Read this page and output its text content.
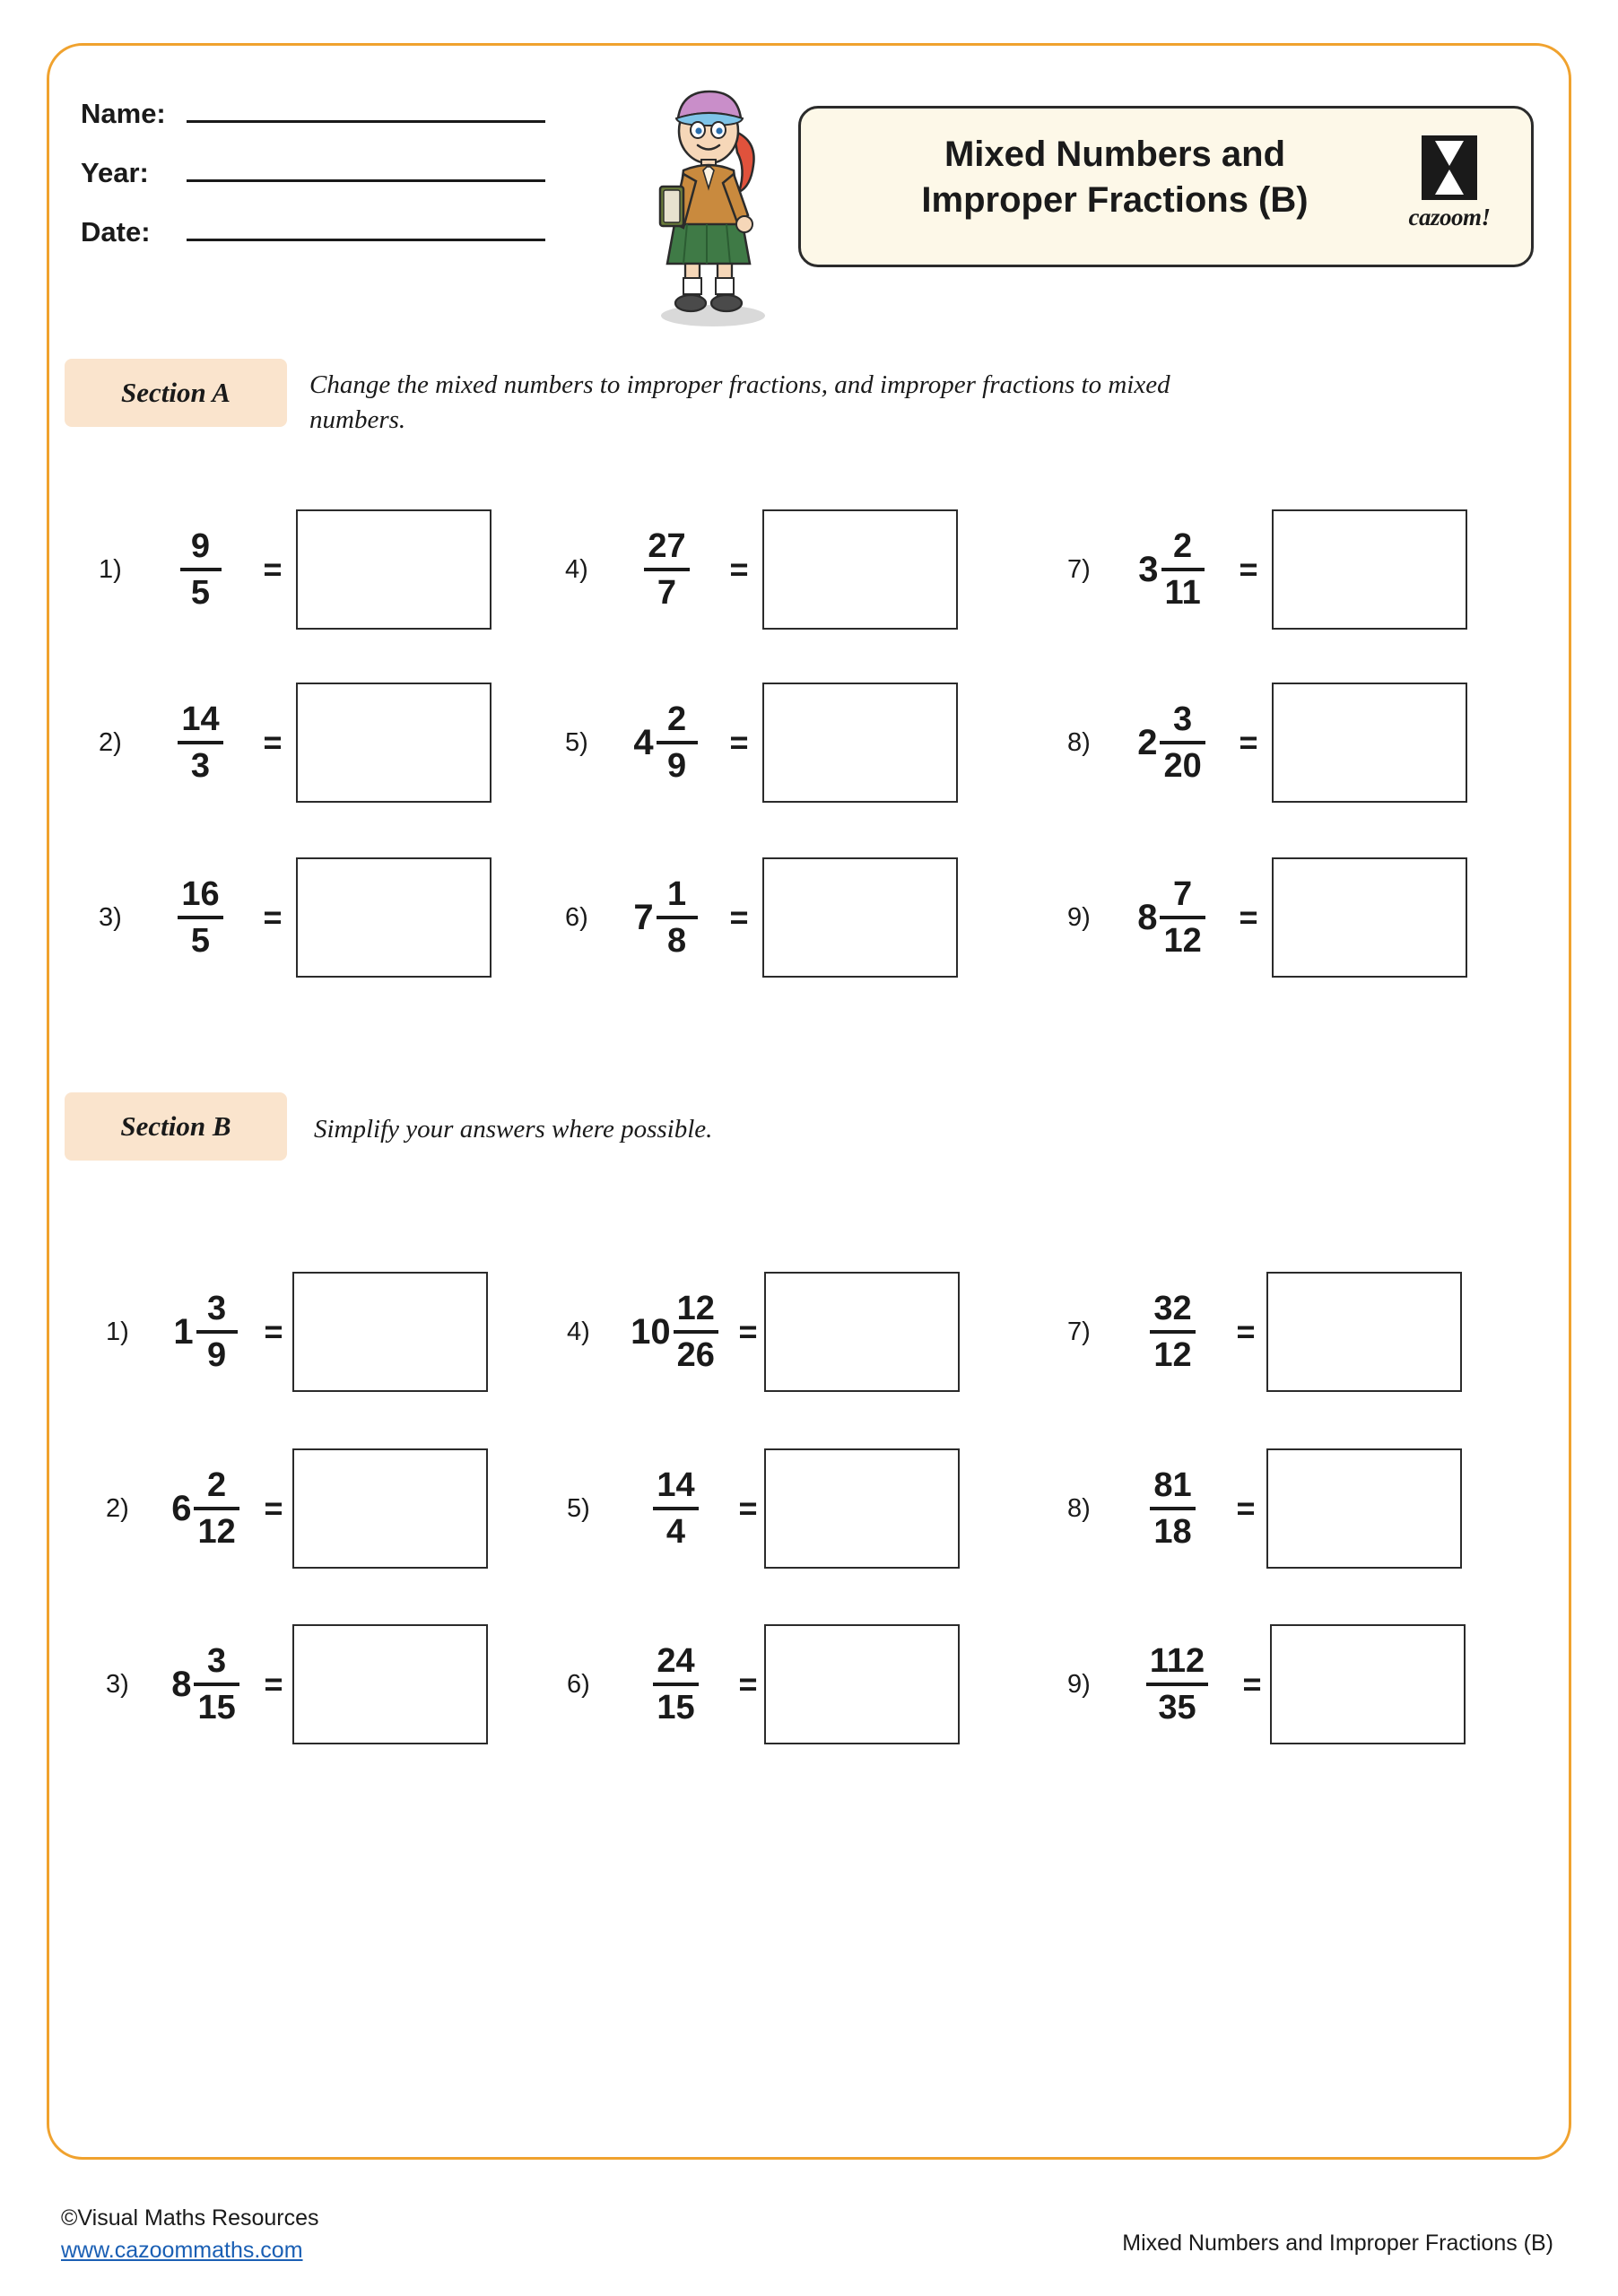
Name:
Year:
Date:
Mixed Numbers and
Improper Fractions (B)	cazoom!
Section A	Change the mixed numbers to improper fractions, and improper fractions to mixed numbers.
1)	$\frac{9}{5}$	=
2)	$\frac{14}{3}$	=
3)	$\frac{16}{5}$	=
4)	$\frac{27}{7}$	=
5)	$4 \frac{2}{9}$ =
6)	$7 \frac{1}{8}$ =
7)	$3 \frac{2}{11}$	=
8)	$2 \frac{3}{20}$	=
9)	$8 \frac{7}{12}$	=
Section B	Simplify your answers where possible.
1)	$1 \frac{3}{9}$ =
2)	$6 \frac{2}{12}$ =
3)	$8 \frac{3}{15}$ =
4)	$10 \frac{12}{26}$ =
5)	$\frac{14}{4}$ =
6)	$\frac{24}{15}$ =
7)	$\frac{32}{12}$	=
8)	$\frac{81}{18}$	=
9)	$\frac{112}{35}$ =
©Visual Maths Resources
www.cazoommaths.com	Mixed Numbers and Improper Fractions (B)
